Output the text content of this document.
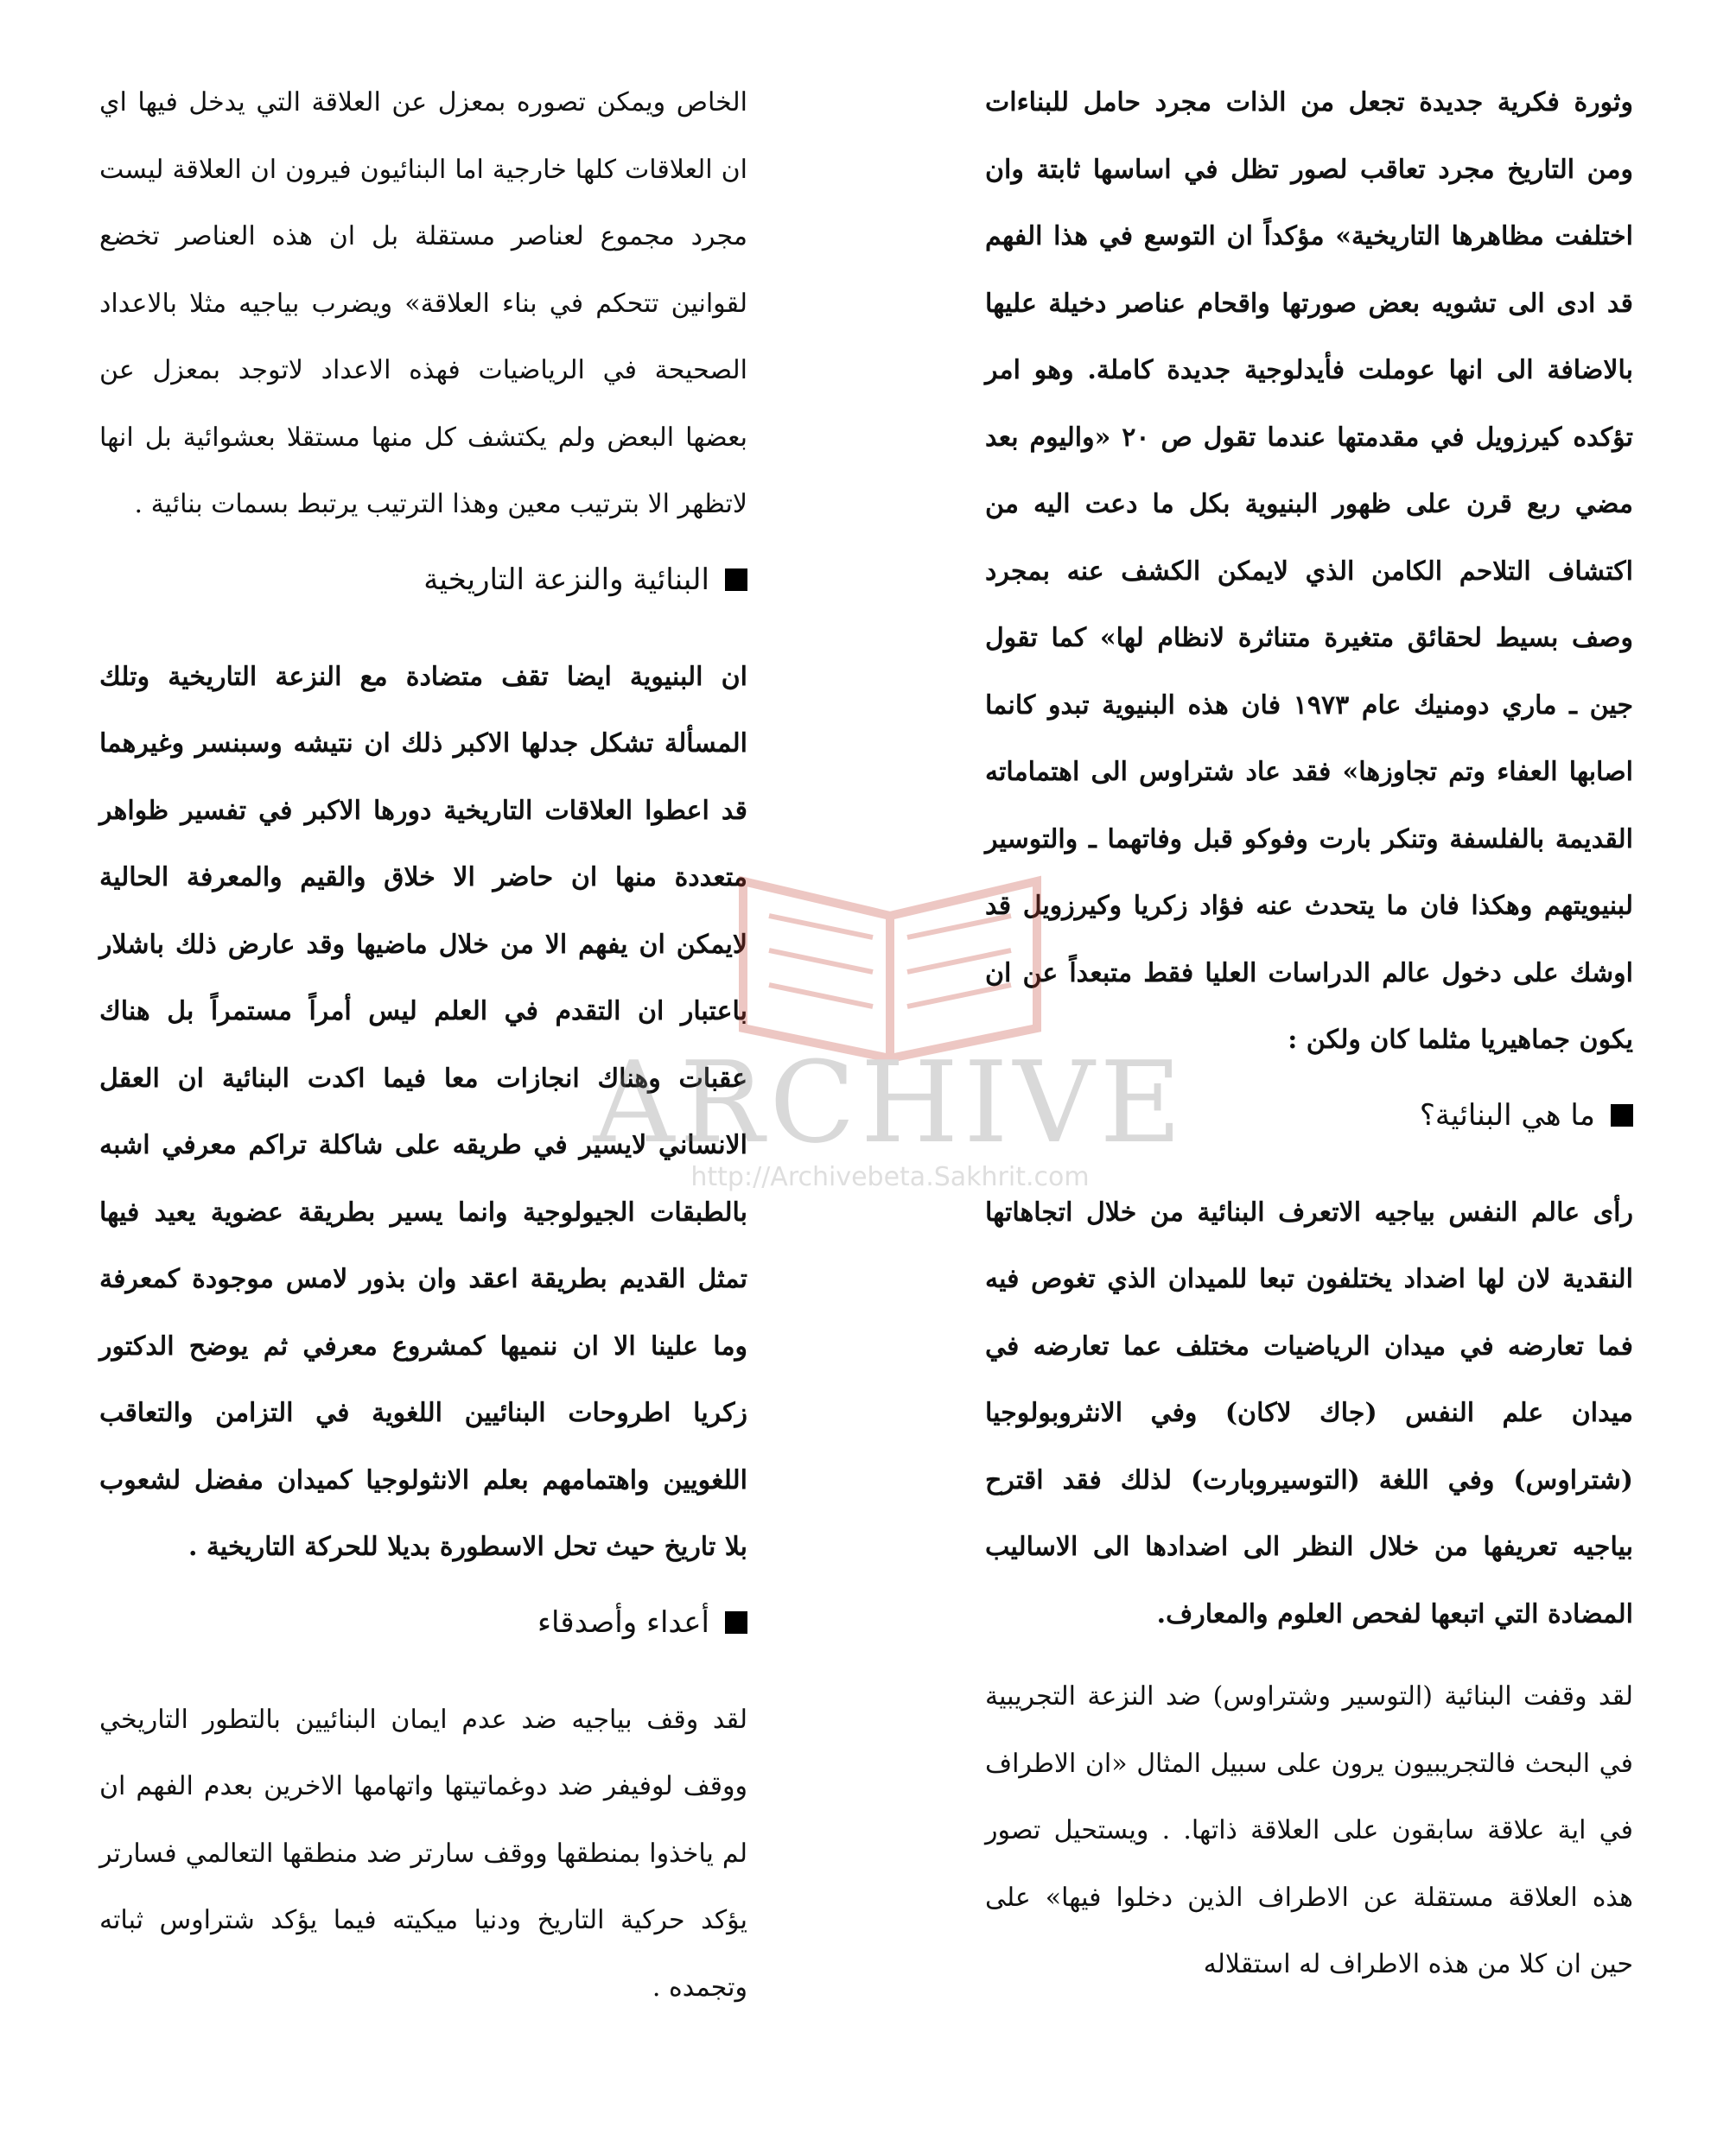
وثورة فكرية جديدة تجعل من الذات مجرد حامل للبناءات ومن التاريخ مجرد تعاقب لصور تظل في اساسها ثابتة وان اختلفت مظاهرها التاريخية» مؤكداً ان التوسع في هذا الفهم قد ادى الى تشويه بعض صورتها واقحام عناصر دخيلة عليها بالاضافة الى انها عوملت فأيدلوجية جديدة كاملة. وهو امر تؤكده كيرزويل في مقدمتها عندما تقول ص ٢٠ «واليوم بعد مضي ربع قرن على ظهور البنيوية بكل ما دعت اليه من اكتشاف التلاحم الكامن الذي لايمكن الكشف عنه بمجرد وصف بسيط لحقائق متغيرة متناثرة لانظام لها» كما تقول جين ـ ماري دومنيك عام ١٩٧٣ فان هذه البنيوية تبدو كانما اصابها العفاء وتم تجاوزها» فقد عاد شتراوس الى اهتماماته القديمة بالفلسفة وتنكر بارت وفوكو قبل وفاتهما ـ والتوسير لبنيويتهم وهكذا فان ما يتحدث عنه فؤاد زكريا وكيرزويل قد اوشك على دخول عالم الدراسات العليا فقط متبعداً عن ان يكون جماهيريا مثلما كان ولكن :

ما هي البنائية؟

رأى عالم النفس بياجيه الاتعرف البنائية من خلال اتجاهاتها النقدية لان لها اضداد يختلفون تبعا للميدان الذي تغوص فيه فما تعارضه في ميدان الرياضيات مختلف عما تعارضه في ميدان علم النفس (جاك لاكان) وفي الانثروبولوجيا (شتراوس) وفي اللغة (التوسيروبارت) لذلك فقد اقترح بياجيه تعريفها من خلال النظر الى اضدادها الى الاساليب المضادة التي اتبعها لفحص العلوم والمعارف.

لقد وقفت البنائية (التوسير وشتراوس) ضد النزعة التجريبية في البحث فالتجريبيون يرون على سبيل المثال «ان الاطراف في اية علاقة سابقون على العلاقة ذاتها. . ويستحيل تصور هذه العلاقة مستقلة عن الاطراف الذين دخلوا فيها» على حين ان كلا من هذه الاطراف له استقلاله

الخاص ويمكن تصوره بمعزل عن العلاقة التي يدخل فيها اي ان العلاقات كلها خارجية اما البنائيون فيرون ان العلاقة ليست مجرد مجموع لعناصر مستقلة بل ان هذه العناصر تخضع لقوانين تتحكم في بناء العلاقة» ويضرب بياجيه مثلا بالاعداد الصحيحة في الرياضيات فهذه الاعداد لاتوجد بمعزل عن بعضها البعض ولم يكتشف كل منها مستقلا بعشوائية بل انها لاتظهر الا بترتيب معين وهذا الترتيب يرتبط بسمات بنائية .

البنائية والنزعة التاريخية

ان البنيوية ايضا تقف متضادة مع النزعة التاريخية وتلك المسألة تشكل جدلها الاكبر ذلك ان نتيشه وسبنسر وغيرهما قد اعطوا العلاقات التاريخية دورها الاكبر في تفسير ظواهر متعددة منها ان حاضر الا خلاق والقيم والمعرفة الحالية لايمكن ان يفهم الا من خلال ماضيها وقد عارض ذلك باشلار باعتبار ان التقدم في العلم ليس أمراً مستمراً بل هناك عقبات وهناك انجازات معا فيما اكدت البنائية ان العقل الانساني لايسير في طريقه على شاكلة تراكم معرفي اشبه بالطبقات الجيولوجية وانما يسير بطريقة عضوية يعيد فيها تمثل القديم بطريقة اعقد وان بذور لامس موجودة كمعرفة وما علينا الا ان ننميها كمشروع معرفي ثم يوضح الدكتور زكريا اطروحات البنائيين اللغوية في التزامن والتعاقب اللغويين واهتمامهم بعلم الانثولوجيا كميدان مفضل لشعوب بلا تاريخ حيث تحل الاسطورة بديلا للحركة التاريخية .

أعداء وأصدقاء

لقد وقف بياجيه ضد عدم ايمان البنائيين بالتطور التاريخي ووقف لوفيفر ضد دوغماتيتها واتهامها الاخرين بعدم الفهم ان لم ياخذوا بمنطقها ووقف سارتر ضد منطقها التعالمي فسارتر يؤكد حركية التاريخ ودنيا ميكيته فيما يؤكد شتراوس ثباته وتجمده .

ARCHIVE
http://Archivebeta.Sakhrit.com
